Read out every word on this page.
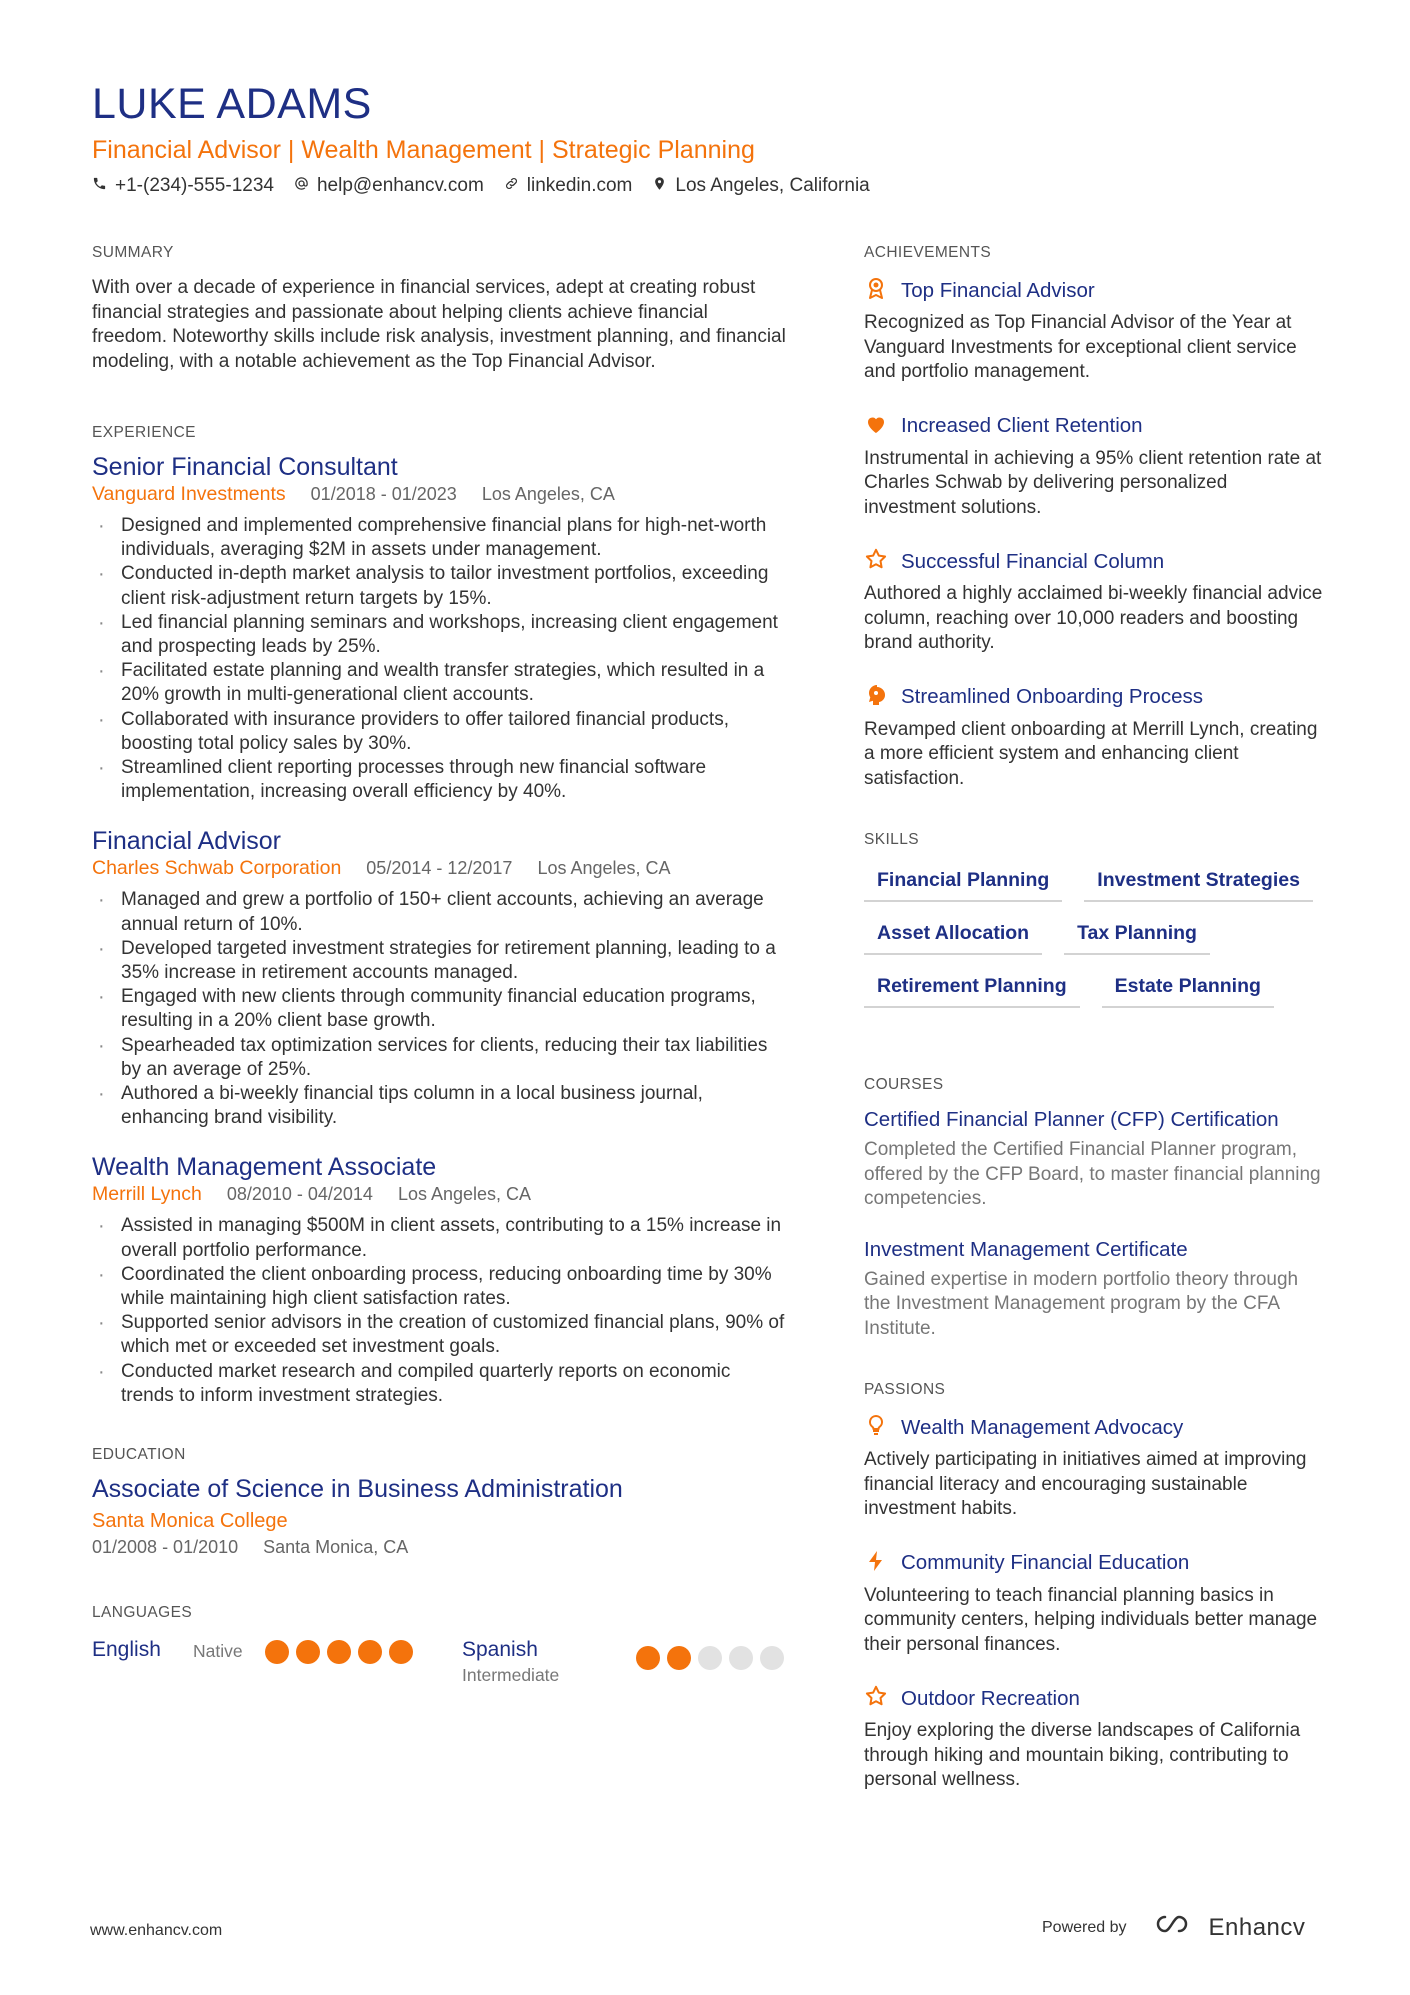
LUKE ADAMS
Financial Advisor | Wealth Management | Strategic Planning
+1-(234)-555-1234 help@enhancv.com linkedin.com Los Angeles, California
SUMMARY
With over a decade of experience in financial services, adept at creating robust financial strategies and passionate about helping clients achieve financial freedom. Noteworthy skills include risk analysis, investment planning, and financial modeling, with a notable achievement as the Top Financial Advisor.
EXPERIENCE
Senior Financial Consultant
Vanguard Investments 01/2018 - 01/2023 Los Angeles, CA
· Designed and implemented comprehensive financial plans for high-net-worth individuals, averaging $2M in assets under management.
· Conducted in-depth market analysis to tailor investment portfolios, exceeding client risk-adjustment return targets by 15%.
· Led financial planning seminars and workshops, increasing client engagement and prospecting leads by 25%.
· Facilitated estate planning and wealth transfer strategies, which resulted in a 20% growth in multi-generational client accounts.
· Collaborated with insurance providers to offer tailored financial products, boosting total policy sales by 30%.
· Streamlined client reporting processes through new financial software implementation, increasing overall efficiency by 40%.
Financial Advisor
Charles Schwab Corporation 05/2014 - 12/2017 Los Angeles, CA
· Managed and grew a portfolio of 150+ client accounts, achieving an average annual return of 10%.
· Developed targeted investment strategies for retirement planning, leading to a 35% increase in retirement accounts managed.
· Engaged with new clients through community financial education programs, resulting in a 20% client base growth.
· Spearheaded tax optimization services for clients, reducing their tax liabilities by an average of 25%.
· Authored a bi-weekly financial tips column in a local business journal, enhancing brand visibility.
Wealth Management Associate
Merrill Lynch 08/2010 - 04/2014 Los Angeles, CA
· Assisted in managing $500M in client assets, contributing to a 15% increase in overall portfolio performance.
· Coordinated the client onboarding process, reducing onboarding time by 30% while maintaining high client satisfaction rates.
· Supported senior advisors in the creation of customized financial plans, 90% of which met or exceeded set investment goals.
· Conducted market research and compiled quarterly reports on economic trends to inform investment strategies.
EDUCATION
Associate of Science in Business Administration
Santa Monica College
01/2008 - 01/2010 Santa Monica, CA
LANGUAGES
English	Native	Spanish
Intermediate
ACHIEVEMENTS
Top Financial Advisor
Recognized as Top Financial Advisor of the Year at Vanguard Investments for exceptional client service and portfolio management.
Increased Client Retention
Instrumental in achieving a 95% client retention rate at Charles Schwab by delivering personalized investment solutions.
Successful Financial Column
Authored a highly acclaimed bi-weekly financial advice column, reaching over 10,000 readers and boosting brand authority.
Streamlined Onboarding Process
Revamped client onboarding at Merrill Lynch, creating a more efficient system and enhancing client satisfaction.
SKILLS
Financial Planning	Investment Strategies
Asset Allocation	Tax Planning
Retirement Planning	Estate Planning
COURSES
Certified Financial Planner (CFP) Certification
Completed the Certified Financial Planner program, offered by the CFP Board, to master financial planning competencies.
Investment Management Certificate
Gained expertise in modern portfolio theory through the Investment Management program by the CFA Institute.
PASSIONS
Wealth Management Advocacy
Actively participating in initiatives aimed at improving financial literacy and encouraging sustainable investment habits.
Community Financial Education
Volunteering to teach financial planning basics in community centers, helping individuals better manage their personal finances.
Outdoor Recreation
Enjoy exploring the diverse landscapes of California through hiking and mountain biking, contributing to personal wellness.
www.enhancv.com	Powered by	Enhancv
